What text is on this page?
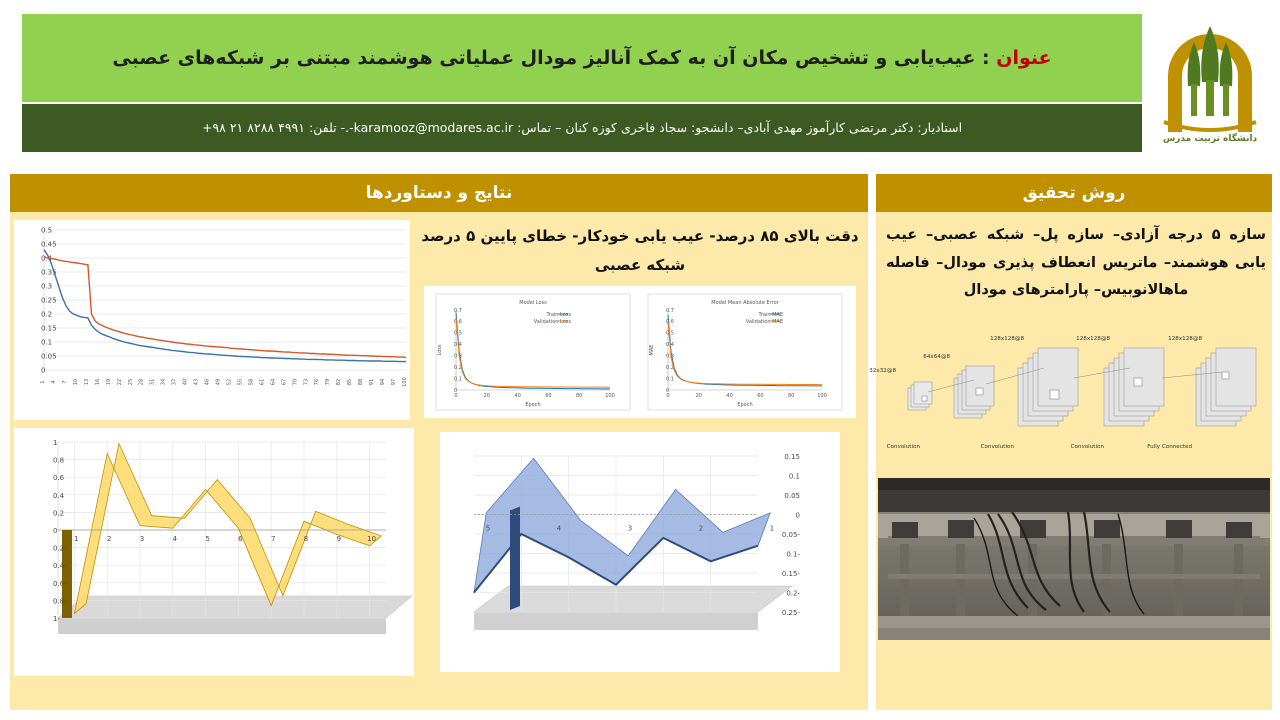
عنوان : عیب‌یابی و تشخیص مکان آن به کمک آنالیز مودال عملیاتی هوشمند مبتنی بر شبکه‌های عصبی
استادیار: دکتر مرتضی کارآموز مهدی آبادی– دانشجو: سجاد فاخری کوزه کنان – تماس: karamooz@modares.ac.ir-.- تلفن: ۴۹۹۱ ۸۲۸۸ ۲۱ ۹۸+
دانشگاه تربیت مدرس
نتایج و دستاوردها	روش تحقیق
سازه ۵ درجه آزادی– سازه پل– شبکه عصبی– عیب یابی هوشمند– ماتریس انعطاف پذیری مودال– فاصله ماهالانوبیس– پارامترهای مودال
8@32x32
8@64x64
8@128x128	8@128x128	8@128x128
Convolution	Convolution	Convolution	Fully Connected
دقت بالای ۸۵ درصد- عیب یابی خودکار- خطای پایین ۵ درصد شبکه عصبی
0.5
0.45
0.4
0.35
0.3
0.25
0.2
0.15
0.1
0.05
0
1 4 7 10 13 16 19 22 25 28 31 34 37 40 43 46 49 52 55 58 61 64 67 70 73 76 79 82 85 88 91 94 97 100
Model Loss
0.7
0.6
0.5
0.4
0.3
0.2
0.1
0
0	20	40	60	80	100
Epoch
Loss
Train Loss
Validation Loss
Model Mean Absolute Error
0.7
0.6
0.5
0.4
0.3
0.2
0.1
0
0	20	40	60	80	100
Epoch
MAE
Train MAE
Validation MAE
1
0.8
0.6
0.4
0.2
0
-0.2
-0.4
-0.6
-0.8
-1
1	2	3	4	5	6	7	8	9	10
0.15
0.1
0.05
0
-0.05
-0.1
-0.15
-0.2
-0.25
5	4	3	2	1
